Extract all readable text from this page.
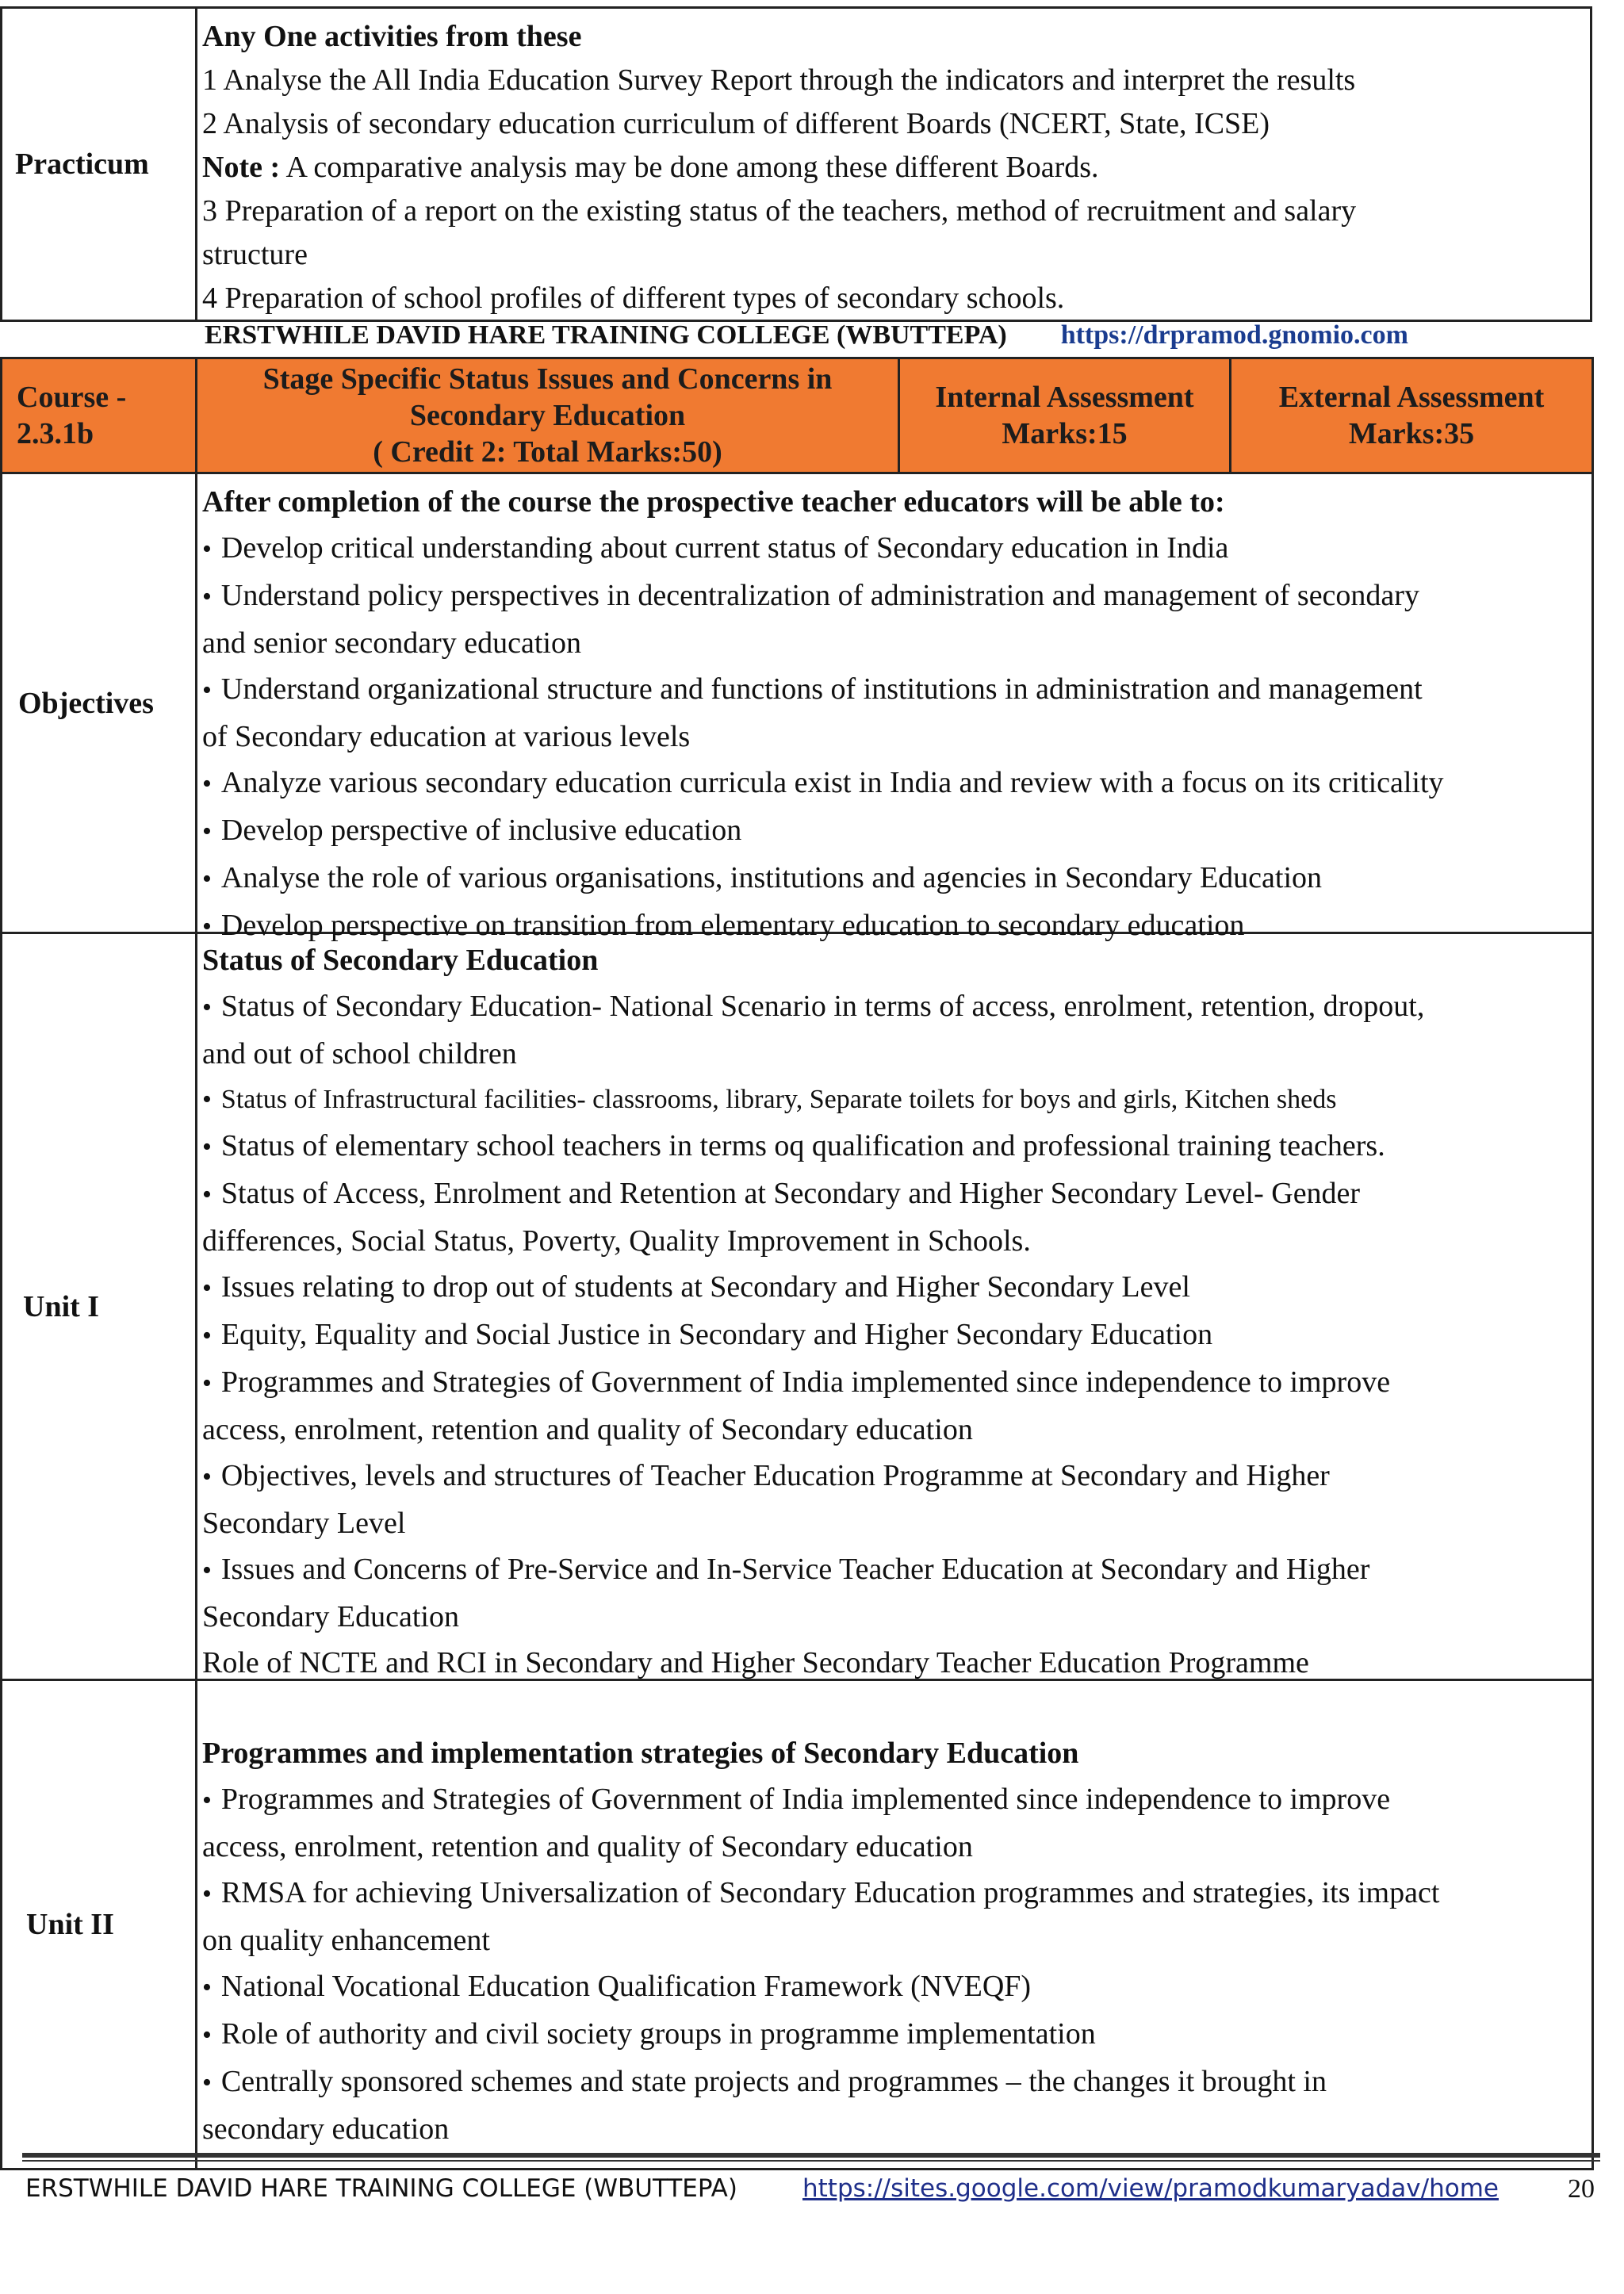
Practicum

Any One activities from these

1 Analyse the All India Education Survey Report through the indicators and interpret the results

2 Analysis of secondary education curriculum of different Boards (NCERT, State, ICSE)

Note : A comparative analysis may be done among these different Boards.

3 Preparation of a report on the existing status of the teachers, method of recruitment and salary

structure

4 Preparation of school profiles of different types of secondary schools.

ERSTWHILE DAVID HARE TRAINING COLLEGE (WBUTTEPA) https://drpramod.gnomio.com
Course - 2.3.1b
Stage Specific Status Issues and Concerns in
Secondary Education
( Credit 2: Total Marks:50)
Internal Assessment
Marks:15
External Assessment
Marks:35
Objectives

After completion of the course the prospective teacher educators will be able to:

• Develop critical understanding about current status of Secondary education in India

• Understand policy perspectives in decentralization of administration and management of secondary

and senior secondary education

• Understand organizational structure and functions of institutions in administration and management

of Secondary education at various levels

• Analyze various secondary education curricula exist in India and review with a focus on its criticality

• Develop perspective of inclusive education

• Analyse the role of various organisations, institutions and agencies in Secondary Education

• Develop perspective on transition from elementary education to secondary education

Unit I

Status of Secondary Education

• Status of Secondary Education- National Scenario in terms of access, enrolment, retention, dropout,

and out of school children

• Status of Infrastructural facilities- classrooms, library, Separate toilets for boys and girls, Kitchen sheds

• Status of elementary school teachers in terms oq qualification and professional training teachers.

• Status of Access, Enrolment and Retention at Secondary and Higher Secondary Level- Gender

differences, Social Status, Poverty, Quality Improvement in Schools.

• Issues relating to drop out of students at Secondary and Higher Secondary Level

• Equity, Equality and Social Justice in Secondary and Higher Secondary Education

• Programmes and Strategies of Government of India implemented since independence to improve

access, enrolment, retention and quality of Secondary education

• Objectives, levels and structures of Teacher Education Programme at Secondary and Higher

Secondary Level

• Issues and Concerns of Pre-Service and In-Service Teacher Education at Secondary and Higher

Secondary Education

Role of NCTE and RCI in Secondary and Higher Secondary Teacher Education Programme

Unit II

Programmes and implementation strategies of Secondary Education

• Programmes and Strategies of Government of India implemented since independence to improve

access, enrolment, retention and quality of Secondary education

• RMSA for achieving Universalization of Secondary Education programmes and strategies, its impact

on quality enhancement

• National Vocational Education Qualification Framework (NVEQF)

• Role of authority and civil society groups in programme implementation

• Centrally sponsored schemes and state projects and programmes – the changes it brought in

secondary education

ERSTWHILE DAVID HARE TRAINING COLLEGE (WBUTTEPA)	https://sites.google.com/view/pramodkumaryadav/home	20
